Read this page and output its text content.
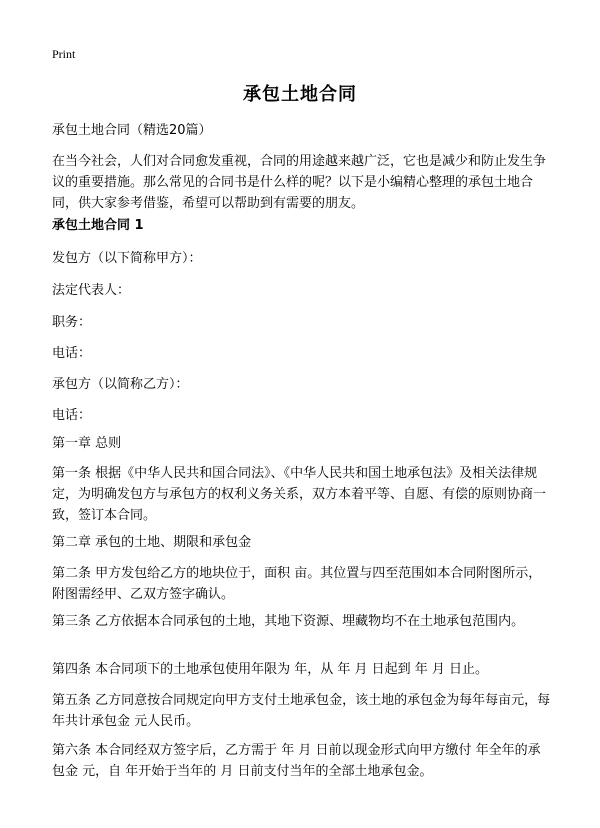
Print
承包土地合同

承包土地合同（精选20篇）

在当今社会，人们对合同愈发重视，合同的用途越来越广泛，它也是减少和防止发生争议的重要措施。那么常见的合同书是什么样的呢？以下是小编精心整理的承包土地合同，供大家参考借鉴，希望可以帮助到有需要的朋友。

承包土地合同 1

发包方（以下简称甲方）：

法定代表人：

职务：

电话：

承包方（以简称乙方）：

电话：

第一章 总则

第一条 根据《中华人民共和国合同法》、《中华人民共和国土地承包法》及相关法律规定，为明确发包方与承包方的权利义务关系，双方本着平等、自愿、有偿的原则协商一致，签订本合同。

第二章 承包的土地、期限和承包金

第二条 甲方发包给乙方的地块位于，面积 亩。其位置与四至范围如本合同附图所示，附图需经甲、乙双方签字确认。

第三条 乙方依据本合同承包的土地，其地下资源、埋藏物均不在土地承包范围内。

第四条 本合同项下的土地承包使用年限为 年，从 年 月 日起到 年 月 日止。

第五条 乙方同意按合同规定向甲方支付土地承包金，该土地的承包金为每年每亩元，每年共计承包金 元人民币。

第六条 本合同经双方签字后，乙方需于 年 月 日前以现金形式向甲方缴付 年全年的承包金 元，自 年开始于当年的 月 日前支付当年的全部土地承包金。
